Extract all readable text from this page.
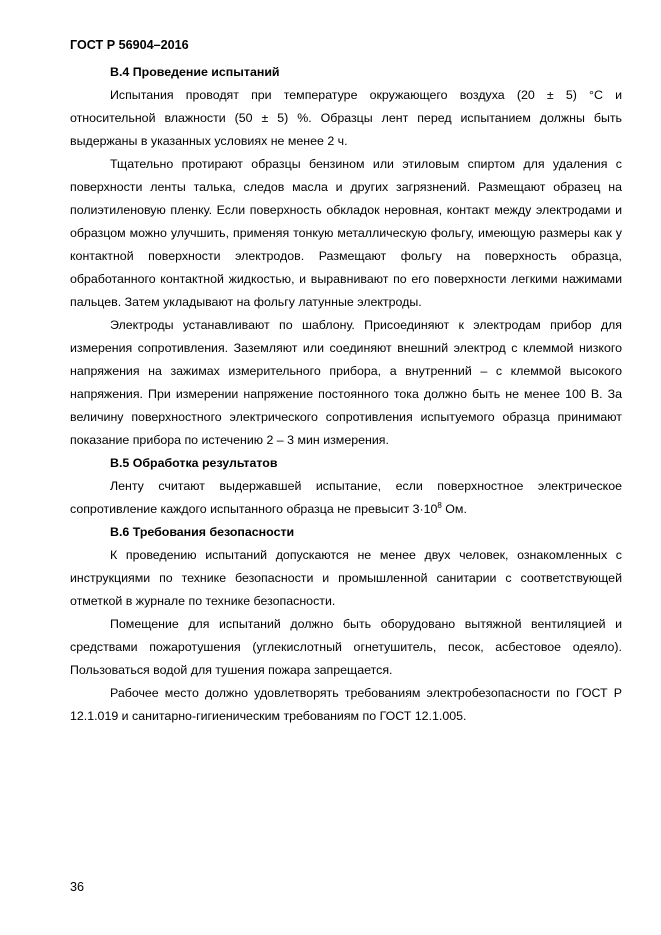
ГОСТ Р 56904–2016

В.4 Проведение испытаний

Испытания проводят при температуре окружающего воздуха (20 ± 5) °С и относительной влажности (50 ± 5) %. Образцы лент перед испытанием должны быть выдержаны в указанных условиях не менее 2 ч.

Тщательно протирают образцы бензином или этиловым спиртом для удаления с поверхности ленты талька, следов масла и других загрязнений. Размещают образец на полиэтиленовую пленку. Если поверхность обкладок неровная, контакт между электродами и образцом можно улучшить, применяя тонкую металлическую фольгу, имеющую размеры как у контактной поверхности электродов. Размещают фольгу на поверхность образца, обработанного контактной жидкостью, и выравнивают по его поверхности легкими нажимами пальцев. Затем укладывают на фольгу латунные электроды.

Электроды устанавливают по шаблону. Присоединяют к электродам прибор для измерения сопротивления. Заземляют или соединяют внешний электрод с клеммой низкого напряжения на зажимах измерительного прибора, а внутренний – с клеммой высокого напряжения. При измерении напряжение постоянного тока должно быть не менее 100 В. За величину поверхностного электрического сопротивления испытуемого образца принимают показание прибора по истечению 2 – 3 мин измерения.

В.5 Обработка результатов

Ленту считают выдержавшей испытание, если поверхностное электрическое сопротивление каждого испытанного образца не превысит $3\cdot 10^8$ Ом.

В.6 Требования безопасности

К проведению испытаний допускаются не менее двух человек, ознакомленных с инструкциями по технике безопасности и промышленной санитарии с соответствующей отметкой в журнале по технике безопасности.

Помещение для испытаний должно быть оборудовано вытяжной вентиляцией и средствами пожаротушения (углекислотный огнетушитель, песок, асбестовое одеяло). Пользоваться водой для тушения пожара запрещается.

Рабочее место должно удовлетворять требованиям электробезопасности по ГОСТ Р 12.1.019 и санитарно-гигиеническим требованиям по ГОСТ 12.1.005.

36
